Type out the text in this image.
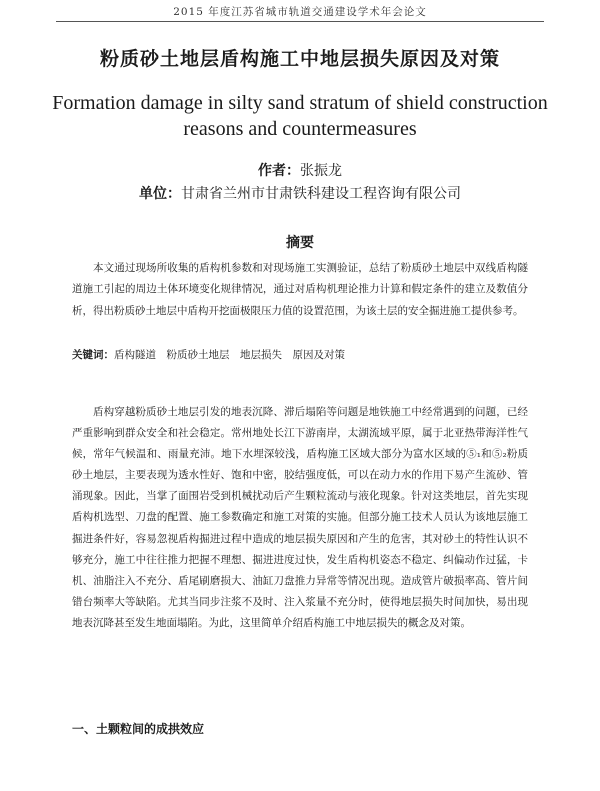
2015 年度江苏省城市轨道交通建设学术年会论文
粉质砂土地层盾构施工中地层损失原因及对策
Formation damage in silty sand stratum of shield construction reasons and countermeasures
作者：张振龙
单位：甘肃省兰州市甘肃铁科建设工程咨询有限公司
摘要
本文通过现场所收集的盾构机参数和对现场施工实测验证，总结了粉质砂土地层中双线盾构隧道施工引起的周边土体环境变化规律情况，通过对盾构机理论推力计算和假定条件的建立及数值分析，得出粉质砂土地层中盾构开挖面极限压力值的设置范围，为该土层的安全掘进施工提供参考。
关键词：盾构隧道　粉质砂土地层　地层损失　原因及对策
盾构穿越粉质砂土地层引发的地表沉降、滞后塌陷等问题是地铁施工中经常遇到的问题，已经严重影响到群众安全和社会稳定。常州地处长江下游南岸，太湖流域平原，属于北亚热带海洋性气候，常年气候温和、雨量充沛。地下水埋深较浅，盾构施工区域大部分为富水区域的⑤₁和⑤₂粉质砂土地层，主要表现为透水性好、饱和中密，胶结强度低，可以在动力水的作用下易产生流砂、管涌现象。因此，当掌了面围岩受到机械扰动后产生颗粒流动与液化现象。针对这类地层，首先实现盾构机选型、刀盘的配置、施工参数确定和施工对策的实施。但部分施工技术人员认为该地层施工掘进条件好，容易忽视盾构掘进过程中造成的地层损失原因和产生的危害，其对砂土的特性认识不够充分，施工中往往推力把握不理想、掘进进度过快，发生盾构机姿态不稳定、纠偏动作过猛，卡机、油脂注入不充分、盾尾刷磨损大、油缸刀盘推力异常等情况出现。造成管片破损率高、管片间错台频率大等缺陷。尤其当同步注浆不及时、注入浆量不充分时，使得地层损失时间加快，易出现地表沉降甚至发生地面塌陷。为此，这里简单介绍盾构施工中地层损失的概念及对策。
一、土颗粒间的成拱效应
